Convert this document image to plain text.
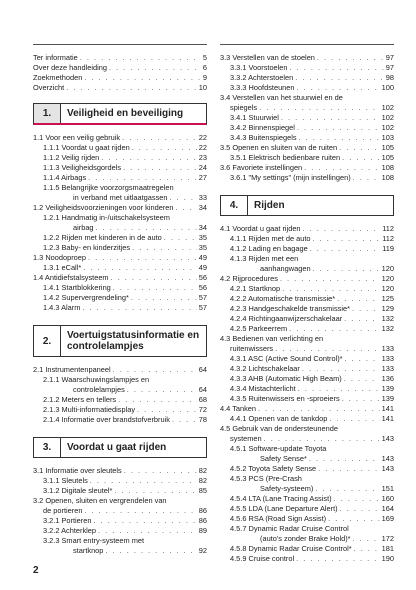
Ter informatie . . .	5
Over deze handleiding . . .	6
Zoekmethoden . . .	9
Overzicht . . .	10
1.	Veiligheid en beveiliging
1.1 Voor een veilig gebruik . . .	22
1.1.1 Voordat u gaat rijden . . .	22
1.1.2 Veilig rijden . . .	23
1.1.3 Veiligheidsgordels . . .	24
1.1.4 Airbags . . .	27
1.1.5 Belangrijke voorzorgsmaatregelen
in verband met uitlaatgassen . . .	33
1.2 Veiligheidsvoorzieningen voor kinderen . . .	34
1.2.1 Handmatig in-/uitschakelsysteem
airbag . . .	34
1.2.2 Rijden met kinderen in de auto . . .	35
1.2.3 Baby- en kinderzitjes . . .	35
1.3 Noodoproep . . .	49
1.3.1 eCall* . . .	49
1.4 Antidiefstalsysteem . . .	56
1.4.1 Startblokkering . . .	56
1.4.2 Supervergrendeling* . . .	57
1.4.3 Alarm . . .	57
2.	Voertuigstatusinformatie en
controlelampjes
2.1 Instrumentenpaneel . . .	64
2.1.1 Waarschuwingslampjes en
controlelampjes . . .	64
2.1.2 Meters en tellers . . .	68
2.1.3 Multi-informatiedisplay . . .	72
2.1.4 Informatie over brandstofverbruik . . .	78
3.	Voordat u gaat rijden
3.1 Informatie over sleutels . . .	82
3.1.1 Sleutels . . .	82
3.1.2 Digitale sleutel* . . .	85
3.2 Openen, sluiten en vergrendelen van
de portieren . . .	86
3.2.1 Portieren . . .	86
3.2.2 Achterklep . . .	89
3.2.3 Smart entry-systeem met
startknop . . .	92
3.3 Verstellen van de stoelen . . .	97
3.3.1 Voorstoelen . . .	97
3.3.2 Achterstoelen . . .	98
3.3.3 Hoofdsteunen . . .	100
3.4 Verstellen van het stuurwiel en de
spiegels . . .	102
3.4.1 Stuurwiel . . .	102
3.4.2 Binnenspiegel . . .	102
3.4.3 Buitenspiegels . . .	103
3.5 Openen en sluiten van de ruiten . . .	105
3.5.1 Elektrisch bedienbare ruiten . . .	105
3.6 Favoriete instellingen . . .	108
3.6.1 "My settings" (mijn instellingen) . . .	108
4.	Rijden
4.1 Voordat u gaat rijden . . .	112
4.1.1 Rijden met de auto . . .	112
4.1.2 Lading en bagage . . .	119
4.1.3 Rijden met een
aanhangwagen . . .	120
4.2 Rijprocedures . . .	120
4.2.1 Startknop . . .	120
4.2.2 Automatische transmissie* . . .	125
4.2.3 Handgeschakelde transmissie* . . .	129
4.2.4 Richtingaanwijzerschakelaar . . .	132
4.2.5 Parkeerrem . . .	132
4.3 Bedienen van verlichting en
ruitenwissers . . .	133
4.3.1 ASC (Active Sound Control)* . . .	133
4.3.2 Lichtschakelaar . . .	133
4.3.3 AHB (Automatic High Beam) . . .	136
4.3.4 Mistachterlicht . . .	139
4.3.5 Ruitenwissers en -sproeiers . . .	139
4.4 Tanken . . .	141
4.4.1 Openen van de tankdop . . .	141
4.5 Gebruik van de ondersteunende
systemen . . .	143
4.5.1 Software-update Toyota
Safety Sense* . . .	143
4.5.2 Toyota Safety Sense . . .	143
4.5.3 PCS (Pre-Crash
Safety-systeem) . . .	151
4.5.4 LTA (Lane Tracing Assist) . . .	160
4.5.5 LDA (Lane Departure Alert) . . .	164
4.5.6 RSA (Road Sign Assist) . . .	169
4.5.7 Dynamic Radar Cruise Control
(auto's zonder Brake Hold)* . . .	172
4.5.8 Dynamic Radar Cruise Control* . . .	181
4.5.9 Cruise control . . .	190
2
